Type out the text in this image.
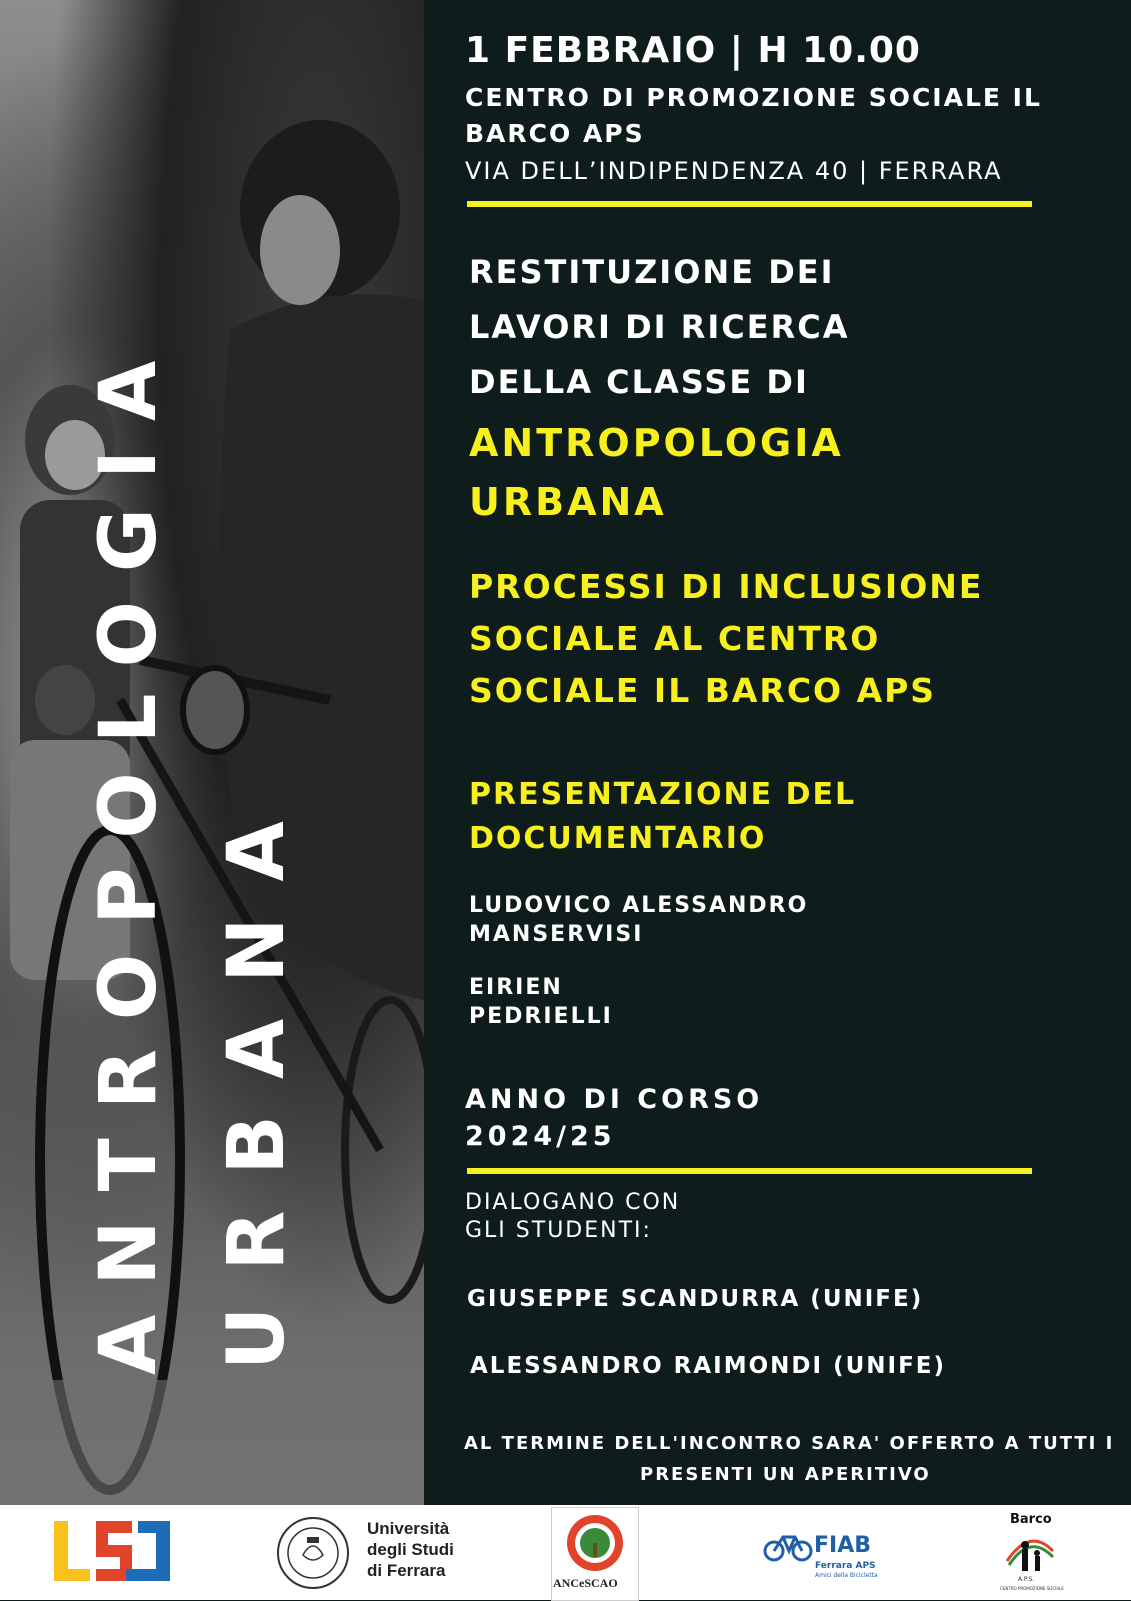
ANTROPOLOGIA URBANA
1 FEBBRAIO | H 10.00
CENTRO DI PROMOZIONE SOCIALE IL
BARCO APS
VIA DELL’INDIPENDENZA 40 | FERRARA
RESTITUZIONE DEI
LAVORI DI RICERCA
DELLA CLASSE DI
ANTROPOLOGIA
URBANA
PROCESSI DI INCLUSIONE
SOCIALE AL CENTRO
SOCIALE IL BARCO APS
PRESENTAZIONE DEL
DOCUMENTARIO
LUDOVICO ALESSANDRO
MANSERVISI
EIRIEN
PEDRIELLI
ANNO DI CORSO
2024/25
DIALOGANO CON
GLI STUDENTI:
GIUSEPPE SCANDURRA (UNIFE)
ALESSANDRO RAIMONDI (UNIFE)
AL TERMINE DELL'INCONTRO SARA' OFFERTO A TUTTI I
PRESENTI UN APERITIVO
Università
degli Studi
di Ferrara
ANCeSCAO
FIAB
Ferrara APS
Amici della Bicicletta
Barco
A.P.S.
CENTRO PROMOZIONE SOCIALE
